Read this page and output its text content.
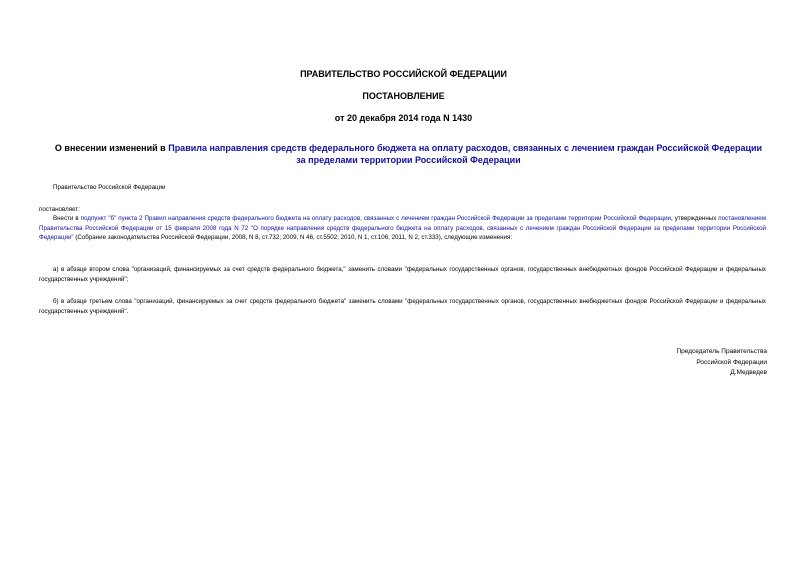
ПРАВИТЕЛЬСТВО РОССИЙСКОЙ ФЕДЕРАЦИИ
ПОСТАНОВЛЕНИЕ
от 20 декабря 2014 года N 1430
О внесении изменений в Правила направления средств федерального бюджета на оплату расходов, связанных с лечением граждан Российской Федерации за пределами территории Российской Федерации
Правительство Российской Федерации
постановляет:
Внести в подпункт "б" пункта 2 Правил направления средств федерального бюджета на оплату расходов, связанных с лечением граждан Российской Федерации за пределами территории Российской Федерации, утвержденных постановлением Правительства Российской Федерации от 15 февраля 2008 года N 72 "О порядке направления средств федерального бюджета на оплату расходов, связанных с лечением граждан Российской Федерации за пределами территории Российской Федерации" (Собрание законодательства Российской Федерации, 2008, N 8, ст.732; 2009, N 46, ст.5502; 2010, N 1, ст.106; 2011, N 2, ст.333), следующие изменения:
а) в абзаце втором слова "организаций, финансируемых за счет средств федерального бюджета," заменить словами "федеральных государственных органов, государственных внебюджетных фондов Российской Федерации и федеральных государственных учреждений";
б) в абзаце третьем слова "организаций, финансируемых за счет средств федерального бюджета" заменить словами "федеральных государственных органов, государственных внебюджетных фондов Российской Федерации и федеральных государственных учреждений".
Председатель Правительства
Российской Федерации
Д.Медведев
